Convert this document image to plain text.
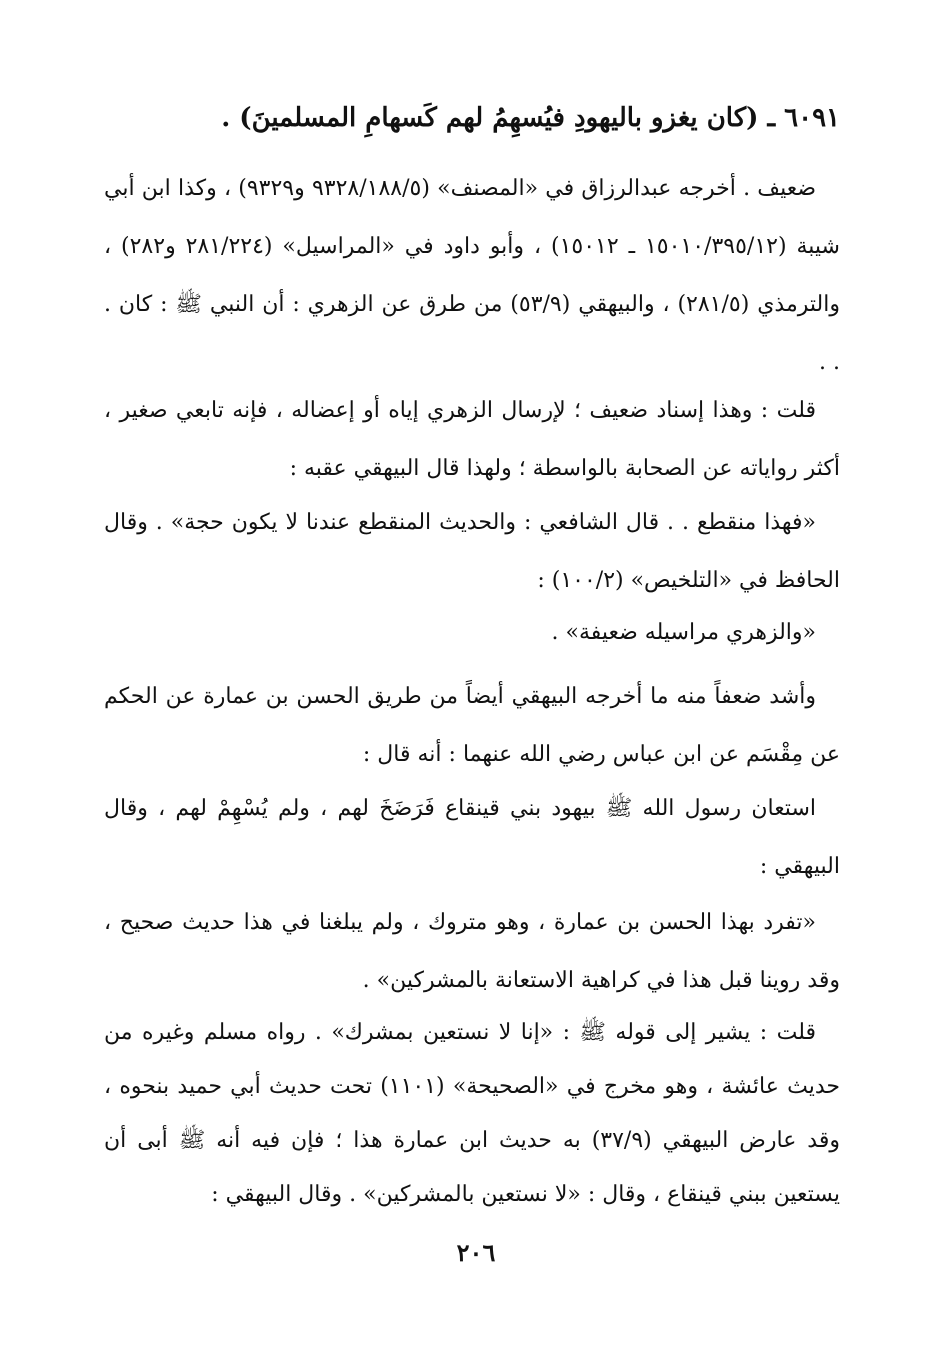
٦٠٩١ ـ (كان يغزو باليهودِ فيُسهِمُ لهم كَسهامِ المسلمينَ) .
ضعيف . أخرجه عبدالرزاق في «المصنف» (٩٣٢٨/١٨٨/٥ و٩٣٢٩) ، وكذا ابن أبي شيبة (١٥٠١٠/٣٩٥/١٢ ـ ١٥٠١٢) ، وأبو داود في «المراسيل» (٢٨١/٢٢٤ و٢٨٢) ، والترمذي (٢٨١/٥) ، والبيهقي (٥٣/٩) من طرق عن الزهري : أن النبي ﷺ : كان . . .
قلت : وهذا إسناد ضعيف ؛ لإرسال الزهري إياه أو إعضاله ، فإنه تابعي صغير ، أكثر رواياته عن الصحابة بالواسطة ؛ ولهذا قال البيهقي عقبه :
«فهذا منقطع . . قال الشافعي : والحديث المنقطع عندنا لا يكون حجة» . وقال الحافظ في «التلخيص» (١٠٠/٢) :
«والزهري مراسيله ضعيفة» .
وأشد ضعفاً منه ما أخرجه البيهقي أيضاً من طريق الحسن بن عمارة عن الحكم عن مِقْسَم عن ابن عباس رضي الله عنهما : أنه قال :
استعان رسول الله ﷺ بيهود بني قينقاع فَرَضَخَ لهم ، ولم يُسْهِمْ لهم ، وقال البيهقي :
«تفرد بهذا الحسن بن عمارة ، وهو متروك ، ولم يبلغنا في هذا حديث صحيح ، وقد روينا قبل هذا في كراهية الاستعانة بالمشركين» .
قلت : يشير إلى قوله ﷺ : «إنا لا نستعين بمشرك» . رواه مسلم وغيره من حديث عائشة ، وهو مخرج في «الصحيحة» (١١٠١) تحت حديث أبي حميد بنحوه ، وقد عارض البيهقي (٣٧/٩) به حديث ابن عمارة هذا ؛ فإن فيه أنه ﷺ أبى أن يستعين ببني قينقاع ، وقال : «لا نستعين بالمشركين» . وقال البيهقي :
٢٠٦
